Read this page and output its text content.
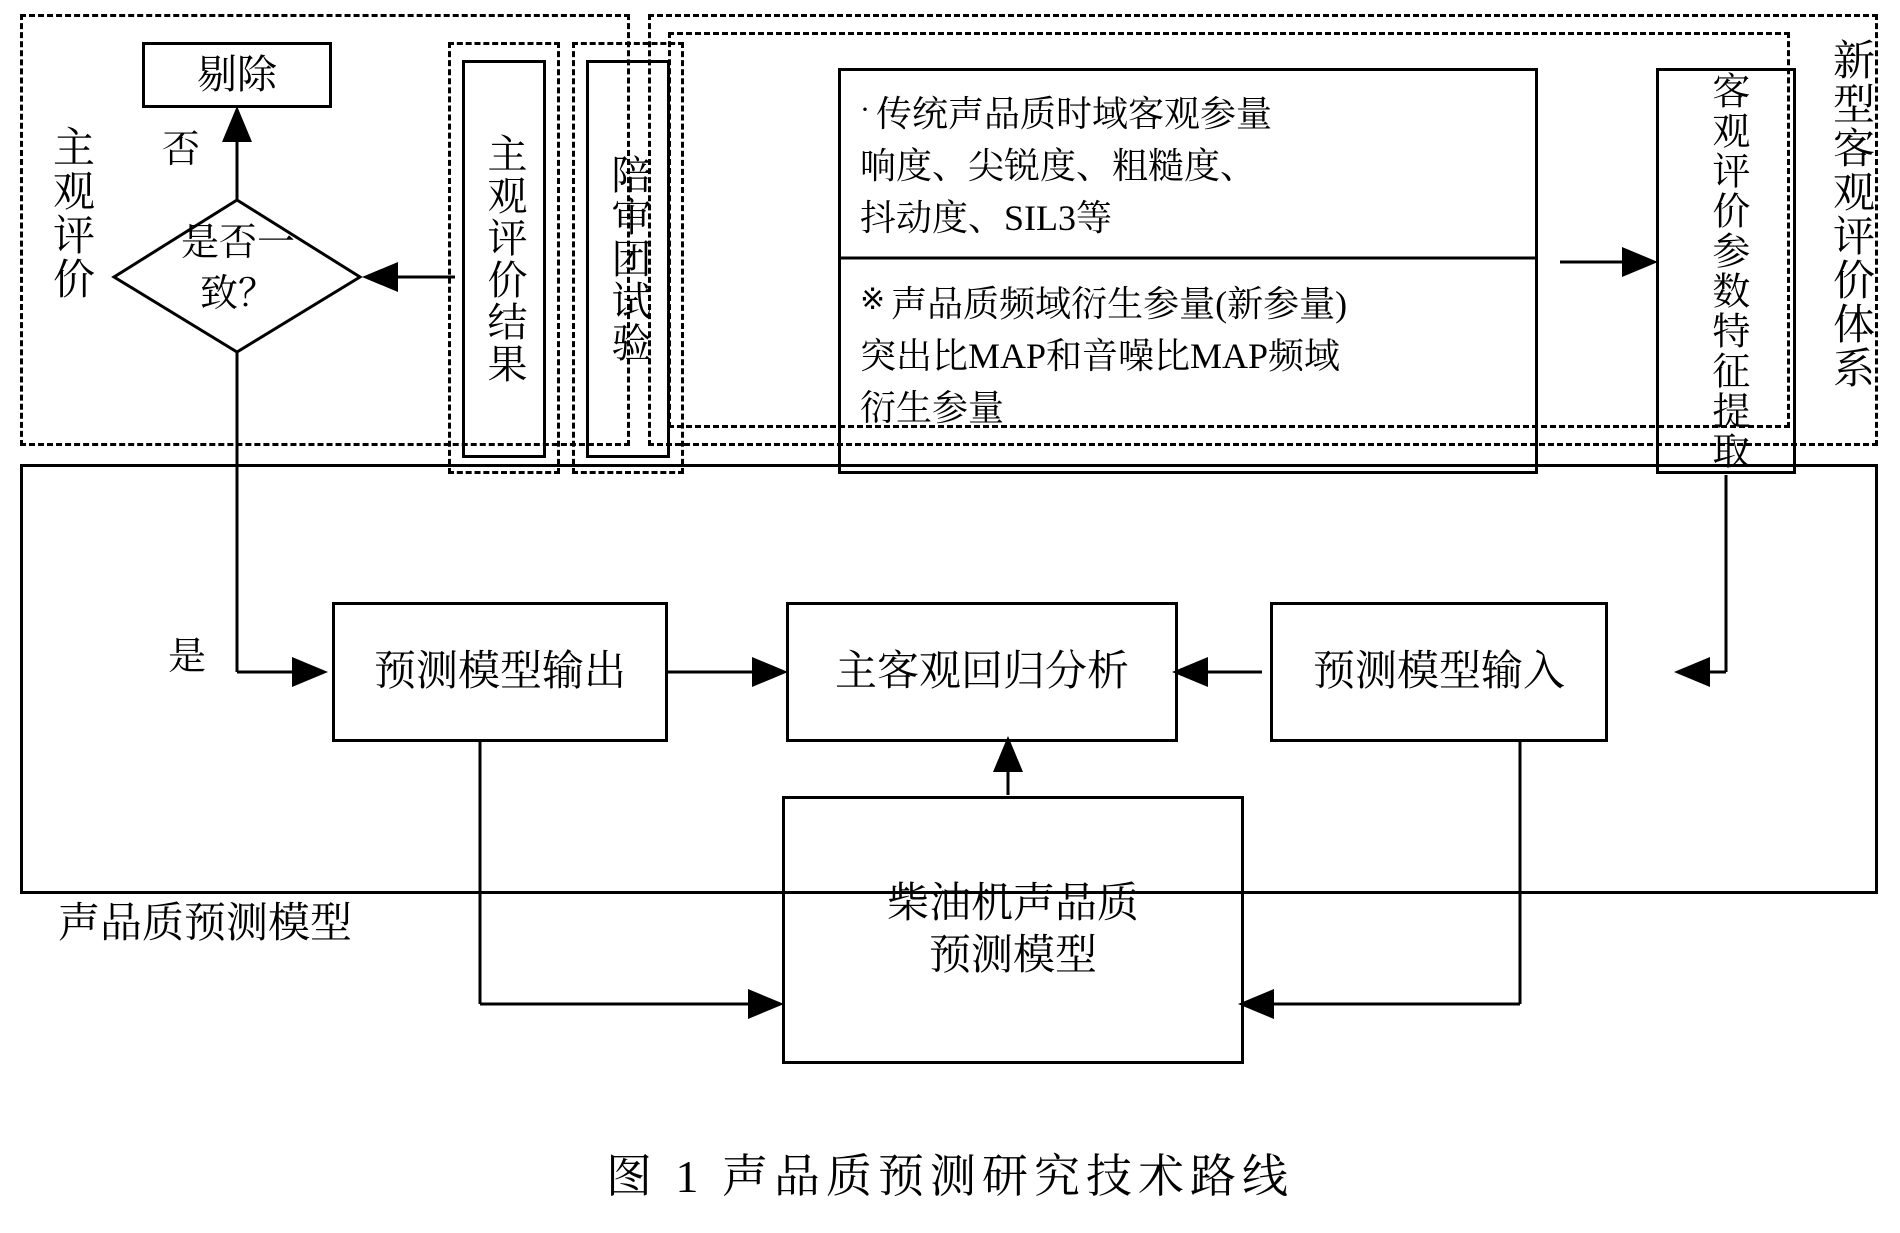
主观评价
剔除
否
是否一致？
是
主观评价结果 陪审团试验
· 传统声品质时域客观参量
响度、尖锐度、粗糙度、
抖动度、SIL3等
※ 声品质频域衍生参量(新参量)
突出比MAP和音噪比MAP频域
衍生参量	客观评价参数特征提取 新型客观评价体系
声品质预测模型
预测模型输出	主客观回归分析	预测模型输入
柴油机声品质
预测模型
图 1 声品质预测研究技术路线
